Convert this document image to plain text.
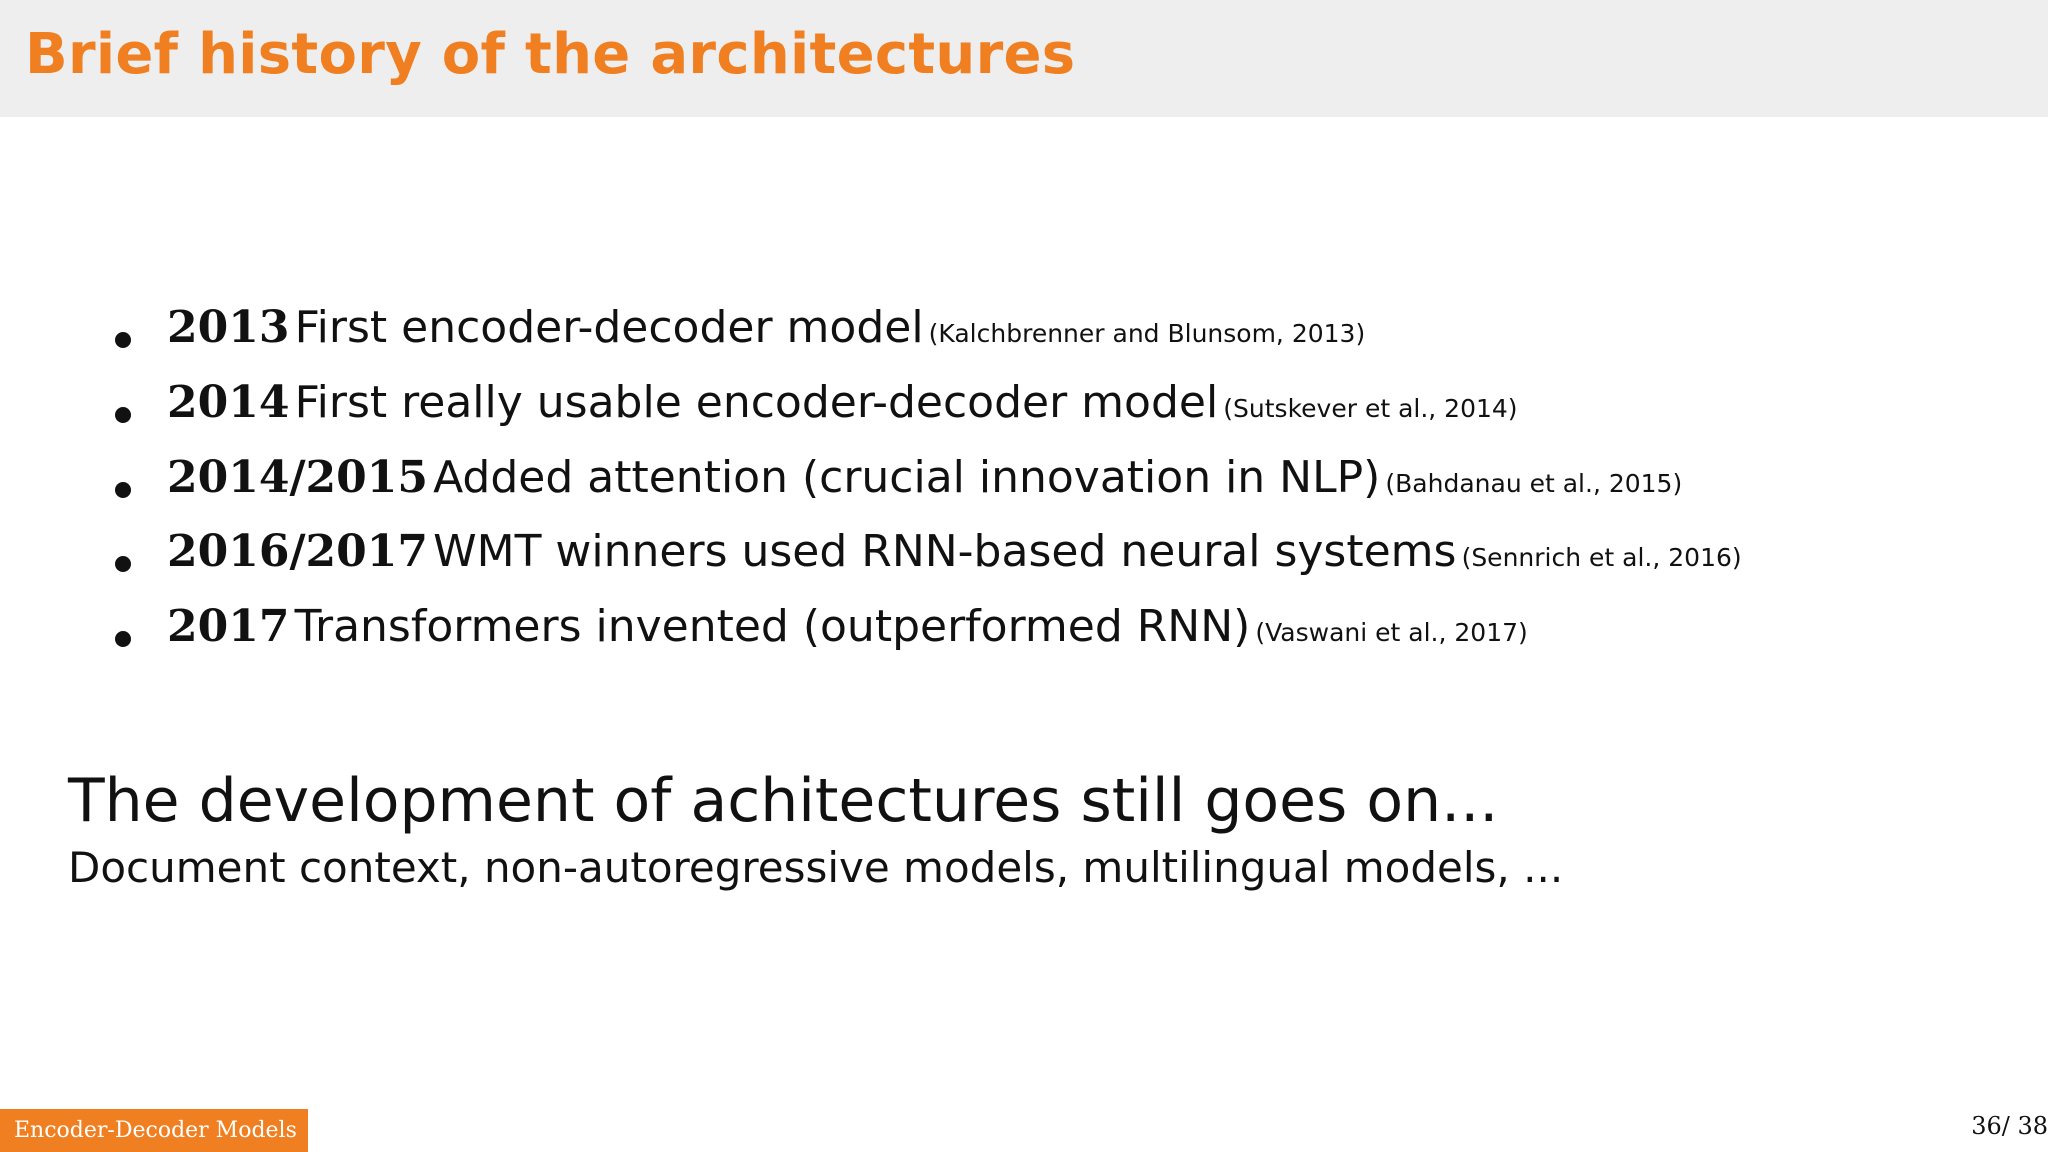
Brief history of the architectures
2013 First encoder-decoder model (Kalchbrenner and Blunsom, 2013)
2014 First really usable encoder-decoder model (Sutskever et al., 2014)
2014/2015 Added attention (crucial innovation in NLP) (Bahdanau et al., 2015)
2016/2017 WMT winners used RNN-based neural systems (Sennrich et al., 2016)
2017 Transformers invented (outperformed RNN) (Vaswani et al., 2017)
The development of achitectures still goes on...
Document context, non-autoregressive models, multilingual models, ...
Encoder-Decoder Models	36/ 38
